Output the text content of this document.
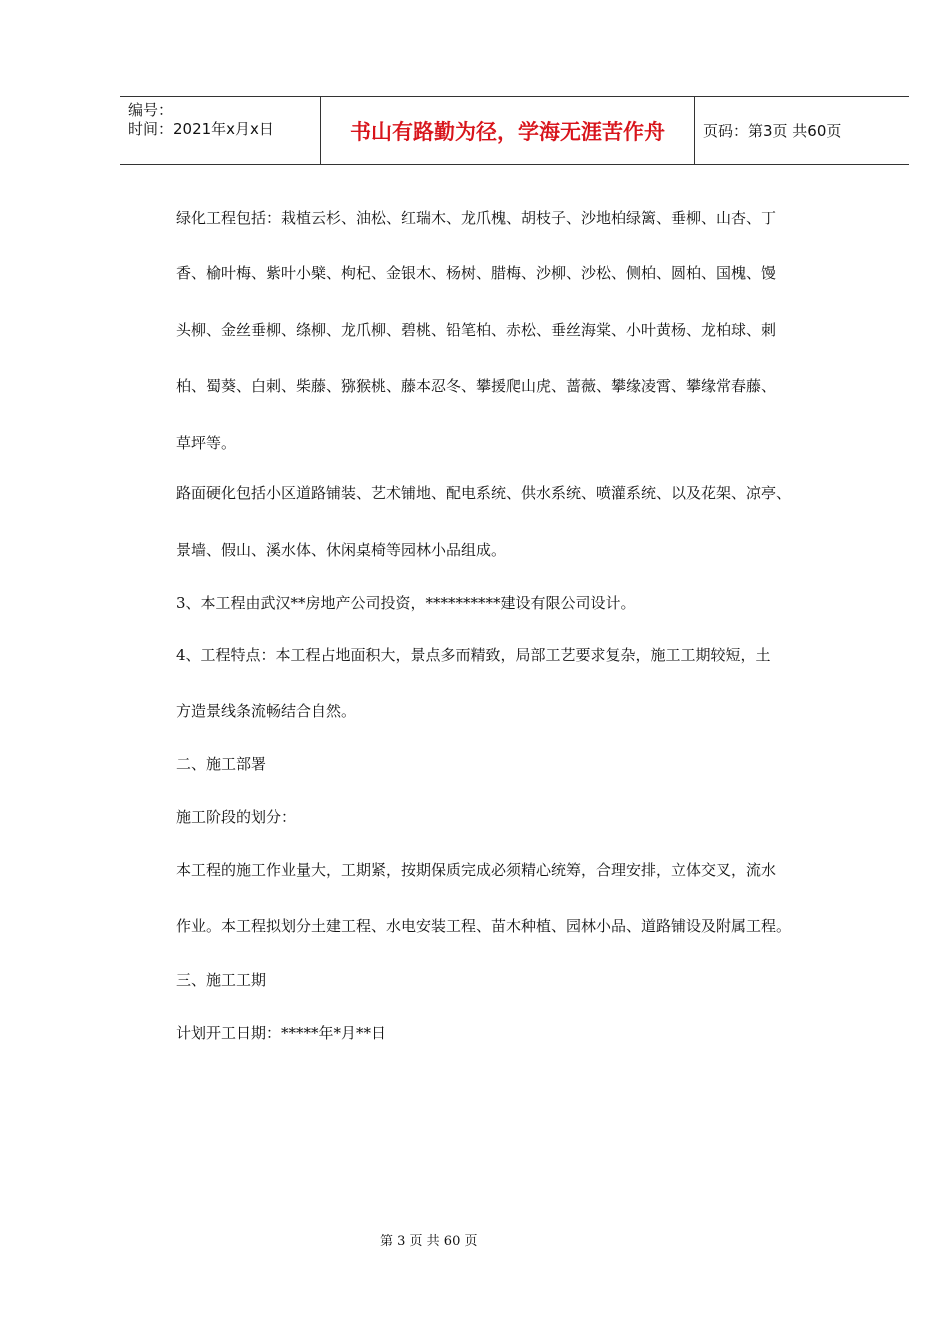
编号：
时间：2021年x月x日	书山有路勤为径，学海无涯苦作舟	页码：第3页 共60页
绿化工程包括：栽植云杉、油松、红瑞木、龙爪槐、胡枝子、沙地柏绿篱、垂柳、山杏、丁
香、榆叶梅、紫叶小檗、枸杞、金银木、杨树、腊梅、沙柳、沙松、侧柏、圆柏、国槐、馒
头柳、金丝垂柳、绦柳、龙爪柳、碧桃、铅笔柏、赤松、垂丝海棠、小叶黄杨、龙柏球、刺
柏、蜀葵、白刺、柴藤、猕猴桃、藤本忍冬、攀援爬山虎、蔷薇、攀缘凌霄、攀缘常春藤、
草坪等。
路面硬化包括小区道路铺装、艺术铺地、配电系统、供水系统、喷灌系统、以及花架、凉亭、
景墙、假山、溪水体、休闲桌椅等园林小品组成。
3、本工程由武汉**房地产公司投资，**********建设有限公司设计。
4、工程特点：本工程占地面积大，景点多而精致，局部工艺要求复杂，施工工期较短，土
方造景线条流畅结合自然。
二、施工部署
施工阶段的划分：
本工程的施工作业量大，工期紧，按期保质完成必须精心统筹，合理安排，立体交叉，流水
作业。本工程拟划分土建工程、水电安装工程、苗木种植、园林小品、道路铺设及附属工程。
三、施工工期
计划开工日期：*****年*月**日
第 3 页 共 60 页
